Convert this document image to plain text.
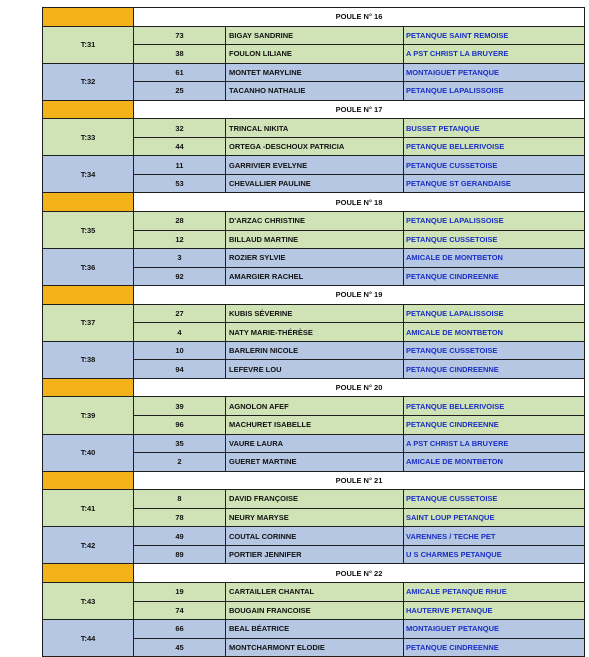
	POULE N° 16		
T:31	73	BIGAY SANDRINE	PETANQUE SAINT REMOISE
	38	FOULON LILIANE	A PST CHRIST LA BRUYERE
T:32	61	MONTET MARYLINE	MONTAIGUET PETANQUE
	25	TACANHO NATHALIE	PETANQUE LAPALISSOISE
	POULE N° 17		
T:33	32	TRINCAL NIKITA	BUSSET PETANQUE
	44	ORTEGA -DESCHOUX PATRICIA	PETANQUE BELLERIVOISE
T:34	11	GARRIVIER EVELYNE	PETANQUE CUSSETOISE
	53	CHEVALLIER PAULINE	PETANQUE ST GERANDAISE
	POULE N° 18		
T:35	28	D'ARZAC CHRISTINE	PETANQUE LAPALISSOISE
	12	BILLAUD MARTINE	PETANQUE CUSSETOISE
T:36	3	ROZIER SYLVIE	AMICALE DE MONTBETON
	92	AMARGIER RACHEL	PETANQUE CINDREENNE
	POULE N° 19		
T:37	27	KUBIS SÉVERINE	PETANQUE LAPALISSOISE
	4	NATY MARIE-THÉRÈSE	AMICALE DE MONTBETON
T:38	10	BARLERIN NICOLE	PETANQUE CUSSETOISE
	94	LEFEVRE LOU	PETANQUE CINDREENNE
	POULE N° 20		
T:39	39	AGNOLON AFEF	PETANQUE BELLERIVOISE
	96	MACHURET ISABELLE	PETANQUE CINDREENNE
T:40	35	VAURE LAURA	A PST CHRIST LA BRUYERE
	2	GUERET MARTINE	AMICALE DE MONTBETON
	POULE N° 21		
T:41	8	DAVID FRANÇOISE	PETANQUE CUSSETOISE
	78	NEURY MARYSE	SAINT LOUP PETANQUE
T:42	49	COUTAL CORINNE	VARENNES / TECHE PET
	89	PORTIER JENNIFER	U S CHARMES PETANQUE
	POULE N° 22		
T:43	19	CARTAILLER CHANTAL	AMICALE PETANQUE RHUE
	74	BOUGAIN FRANCOISE	HAUTERIVE PETANQUE
T:44	66	BEAL BÉATRICE	MONTAIGUET PETANQUE
	45	MONTCHARMONT ELODIE	PETANQUE CINDREENNE
